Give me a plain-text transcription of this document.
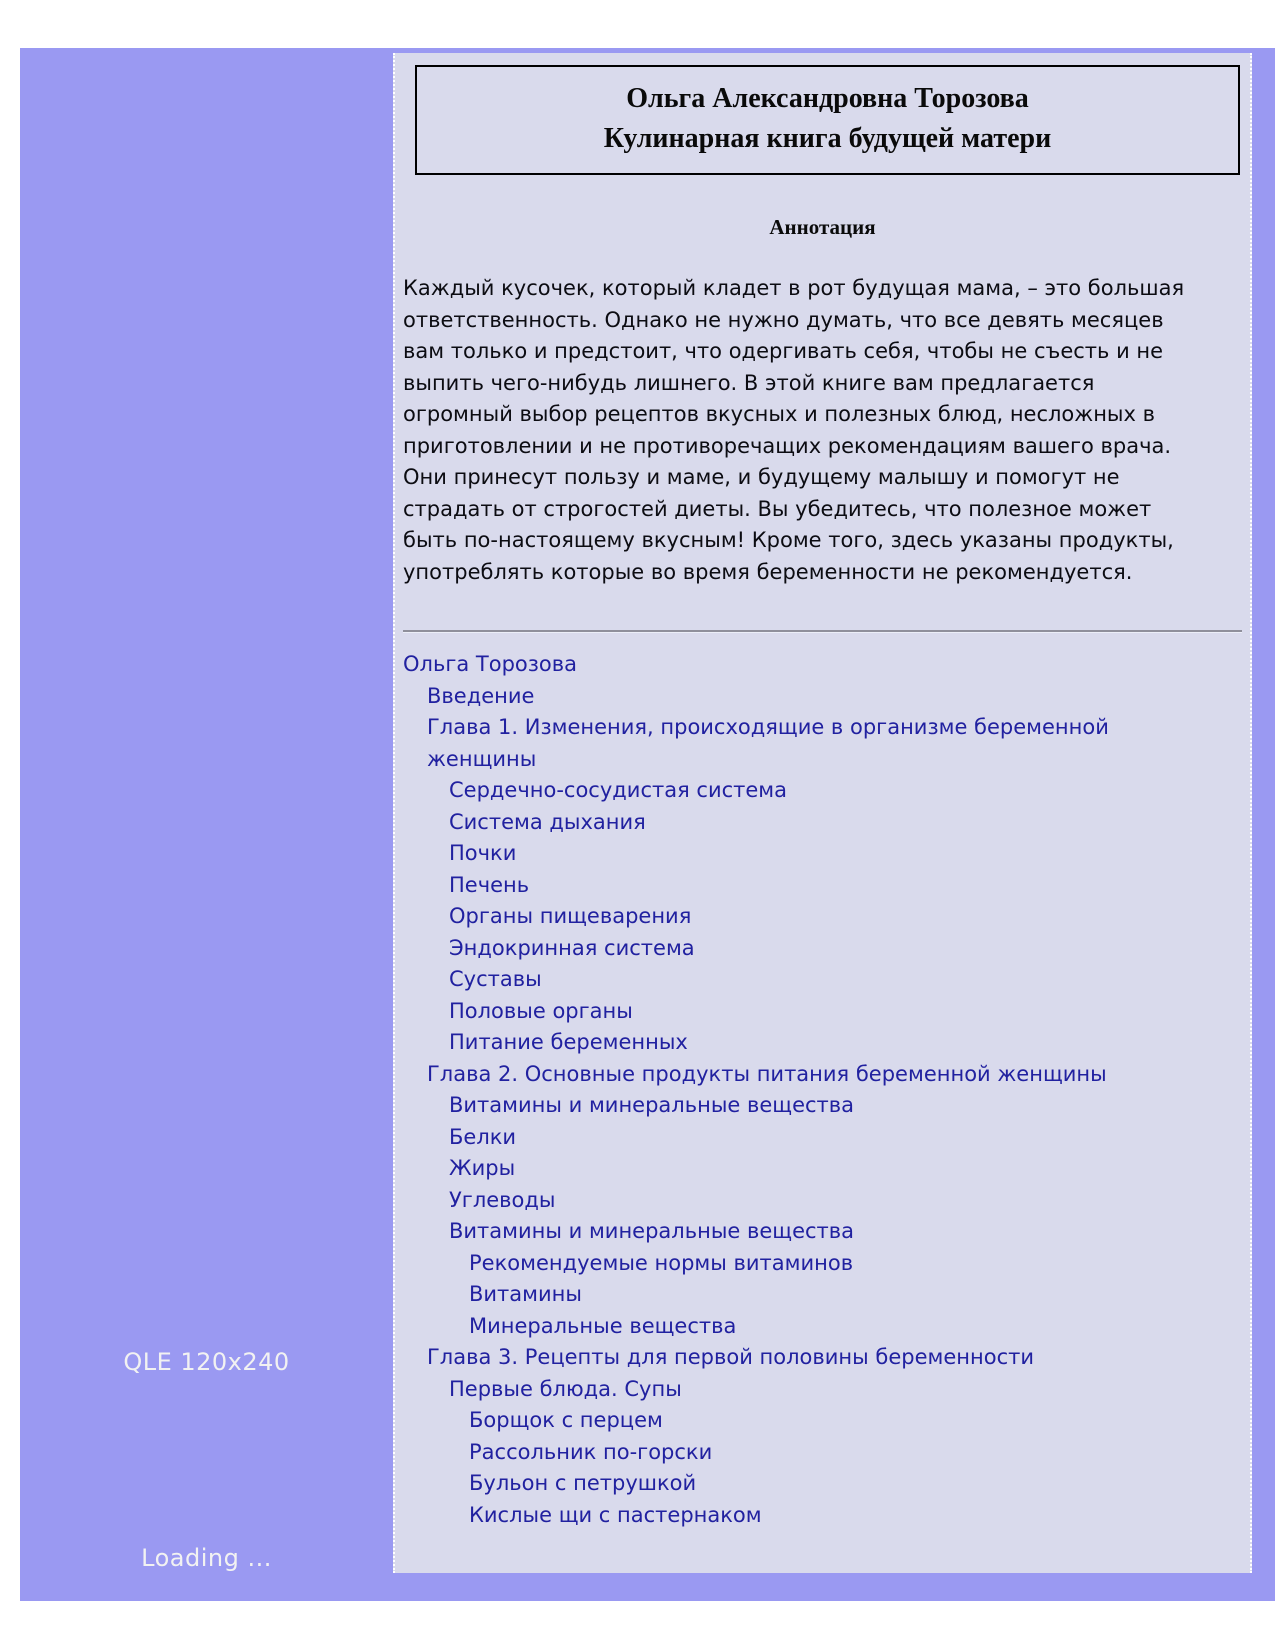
QLE 120x240
Loading ...
Ольга Александровна Торозова
Кулинарная книга будущей матери
Аннотация
Каждый кусочек, который кладет в рот будущая мама, – это большая ответственность. Однако не нужно думать, что все девять месяцев вам только и предстоит, что одергивать себя, чтобы не съесть и не выпить чего-нибудь лишнего. В этой книге вам предлагается огромный выбор рецептов вкусных и полезных блюд, несложных в приготовлении и не противоречащих рекомендациям вашего врача. Они принесут пользу и маме, и будущему малышу и помогут не страдать от строгостей диеты. Вы убедитесь, что полезное может быть по-настоящему вкусным! Кроме того, здесь указаны продукты, употреблять которые во время беременности не рекомендуется.
Ольга Торозова
Введение
Глава 1. Изменения, происходящие в организме беременной женщины
Сердечно-сосудистая система
Система дыхания
Почки
Печень
Органы пищеварения
Эндокринная система
Суставы
Половые органы
Питание беременных
Глава 2. Основные продукты питания беременной женщины
Витамины и минеральные вещества
Белки
Жиры
Углеводы
Витамины и минеральные вещества
Рекомендуемые нормы витаминов
Витамины
Минеральные вещества
Глава 3. Рецепты для первой половины беременности
Первые блюда. Супы
Борщок с перцем
Рассольник по-горски
Бульон с петрушкой
Кислые щи с пастернаком
